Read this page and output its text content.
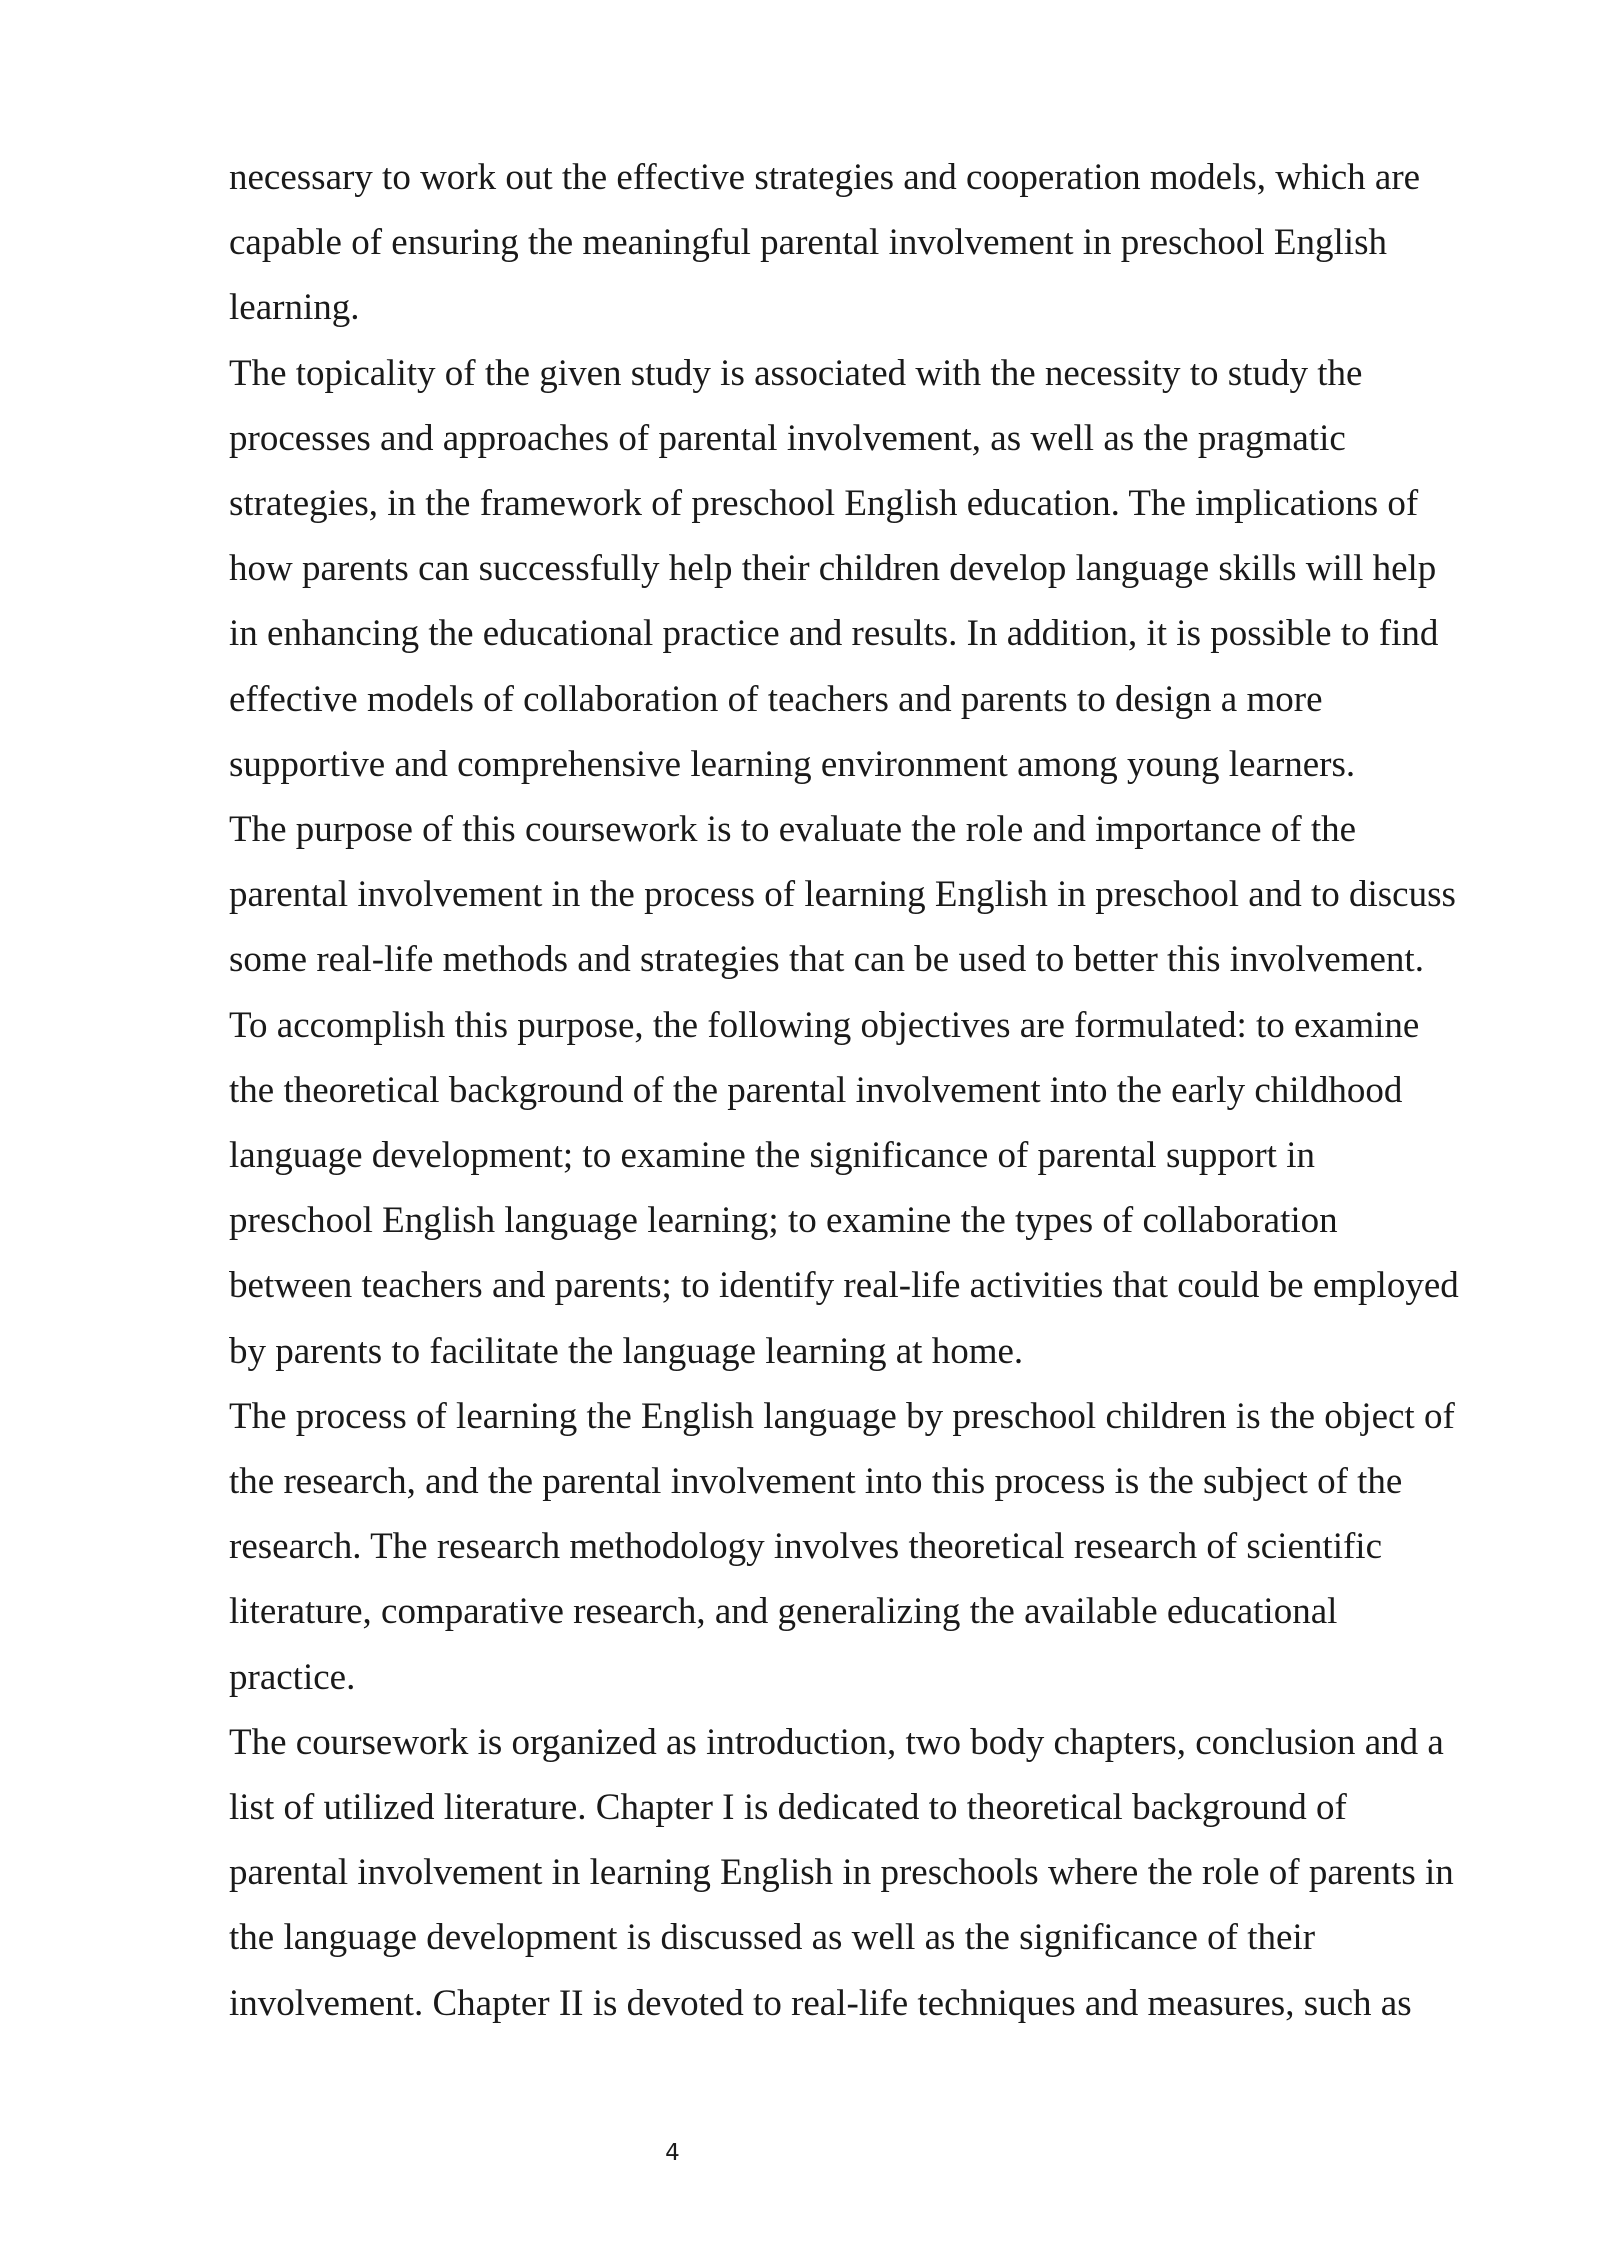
necessary to work out the effective strategies and cooperation models, which are
capable of ensuring the meaningful parental involvement in preschool English
learning.

The topicality of the given study is associated with the necessity to study the
processes and approaches of parental involvement, as well as the pragmatic
strategies, in the framework of preschool English education. The implications of
how parents can successfully help their children develop language skills will help
in enhancing the educational practice and results. In addition, it is possible to find
effective models of collaboration of teachers and parents to design a more
supportive and comprehensive learning environment among young learners.

The purpose of this coursework is to evaluate the role and importance of the
parental involvement in the process of learning English in preschool and to discuss
some real-life methods and strategies that can be used to better this involvement.
To accomplish this purpose, the following objectives are formulated: to examine
the theoretical background of the parental involvement into the early childhood
language development; to examine the significance of parental support in
preschool English language learning; to examine the types of collaboration
between teachers and parents; to identify real-life activities that could be employed
by parents to facilitate the language learning at home.

The process of learning the English language by preschool children is the object of
the research, and the parental involvement into this process is the subject of the
research. The research methodology involves theoretical research of scientific
literature, comparative research, and generalizing the available educational
practice.

The coursework is organized as introduction, two body chapters, conclusion and a
list of utilized literature. Chapter I is dedicated to theoretical background of
parental involvement in learning English in preschools where the role of parents in
the language development is discussed as well as the significance of their
involvement. Chapter II is devoted to real-life techniques and measures, such as

4
